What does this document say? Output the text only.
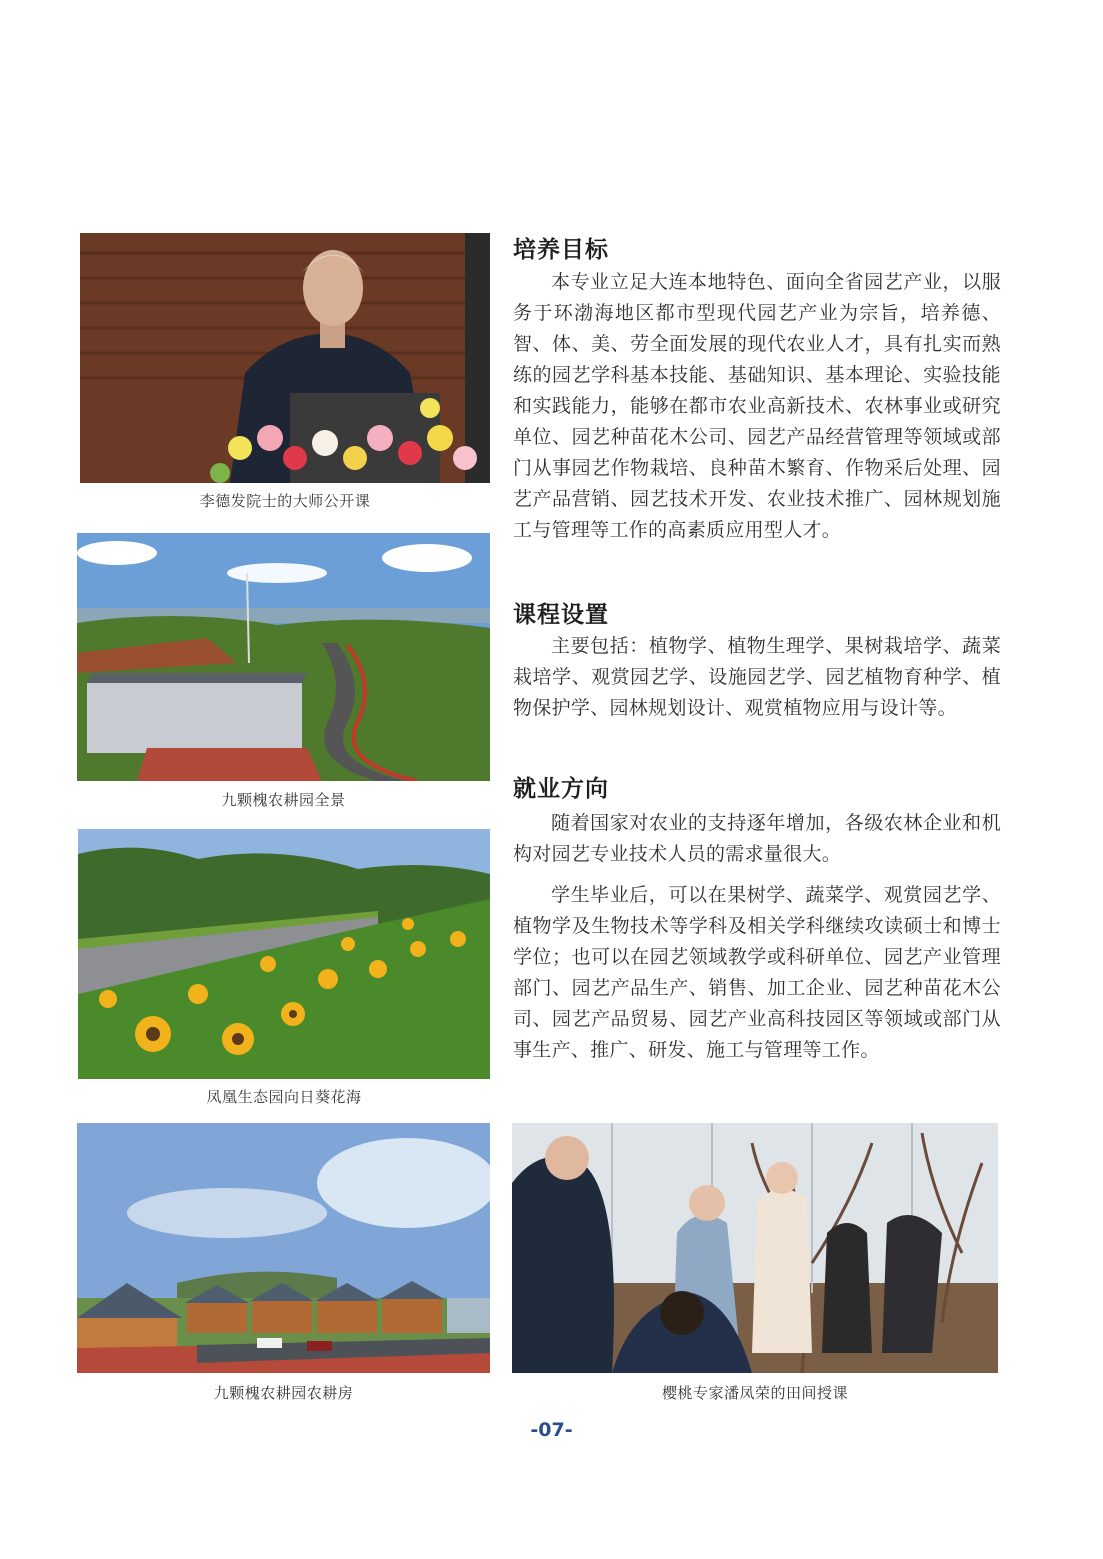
李德发院士的大师公开课
九颗槐农耕园全景
凤凰生态园向日葵花海
九颗槐农耕园农耕房	樱桃专家潘凤荣的田间授课
培养目标
本专业立足大连本地特色、面向全省园艺产业，以服务于环渤海地区都市型现代园艺产业为宗旨，培养德、智、体、美、劳全面发展的现代农业人才，具有扎实而熟练的园艺学科基本技能、基础知识、基本理论、实验技能和实践能力，能够在都市农业高新技术、农林事业或研究单位、园艺种苗花木公司、园艺产品经营管理等领域或部门从事园艺作物栽培、良种苗木繁育、作物采后处理、园艺产品营销、园艺技术开发、农业技术推广、园林规划施工与管理等工作的高素质应用型人才。
课程设置
主要包括：植物学、植物生理学、果树栽培学、蔬菜栽培学、观赏园艺学、设施园艺学、园艺植物育种学、植物保护学、园林规划设计、观赏植物应用与设计等。
就业方向
随着国家对农业的支持逐年增加，各级农林企业和机构对园艺专业技术人员的需求量很大。
学生毕业后，可以在果树学、蔬菜学、观赏园艺学、植物学及生物技术等学科及相关学科继续攻读硕士和博士学位；也可以在园艺领域教学或科研单位、园艺产业管理部门、园艺产品生产、销售、加工企业、园艺种苗花木公司、园艺产品贸易、园艺产业高科技园区等领域或部门从事生产、推广、研发、施工与管理等工作。
-07-
